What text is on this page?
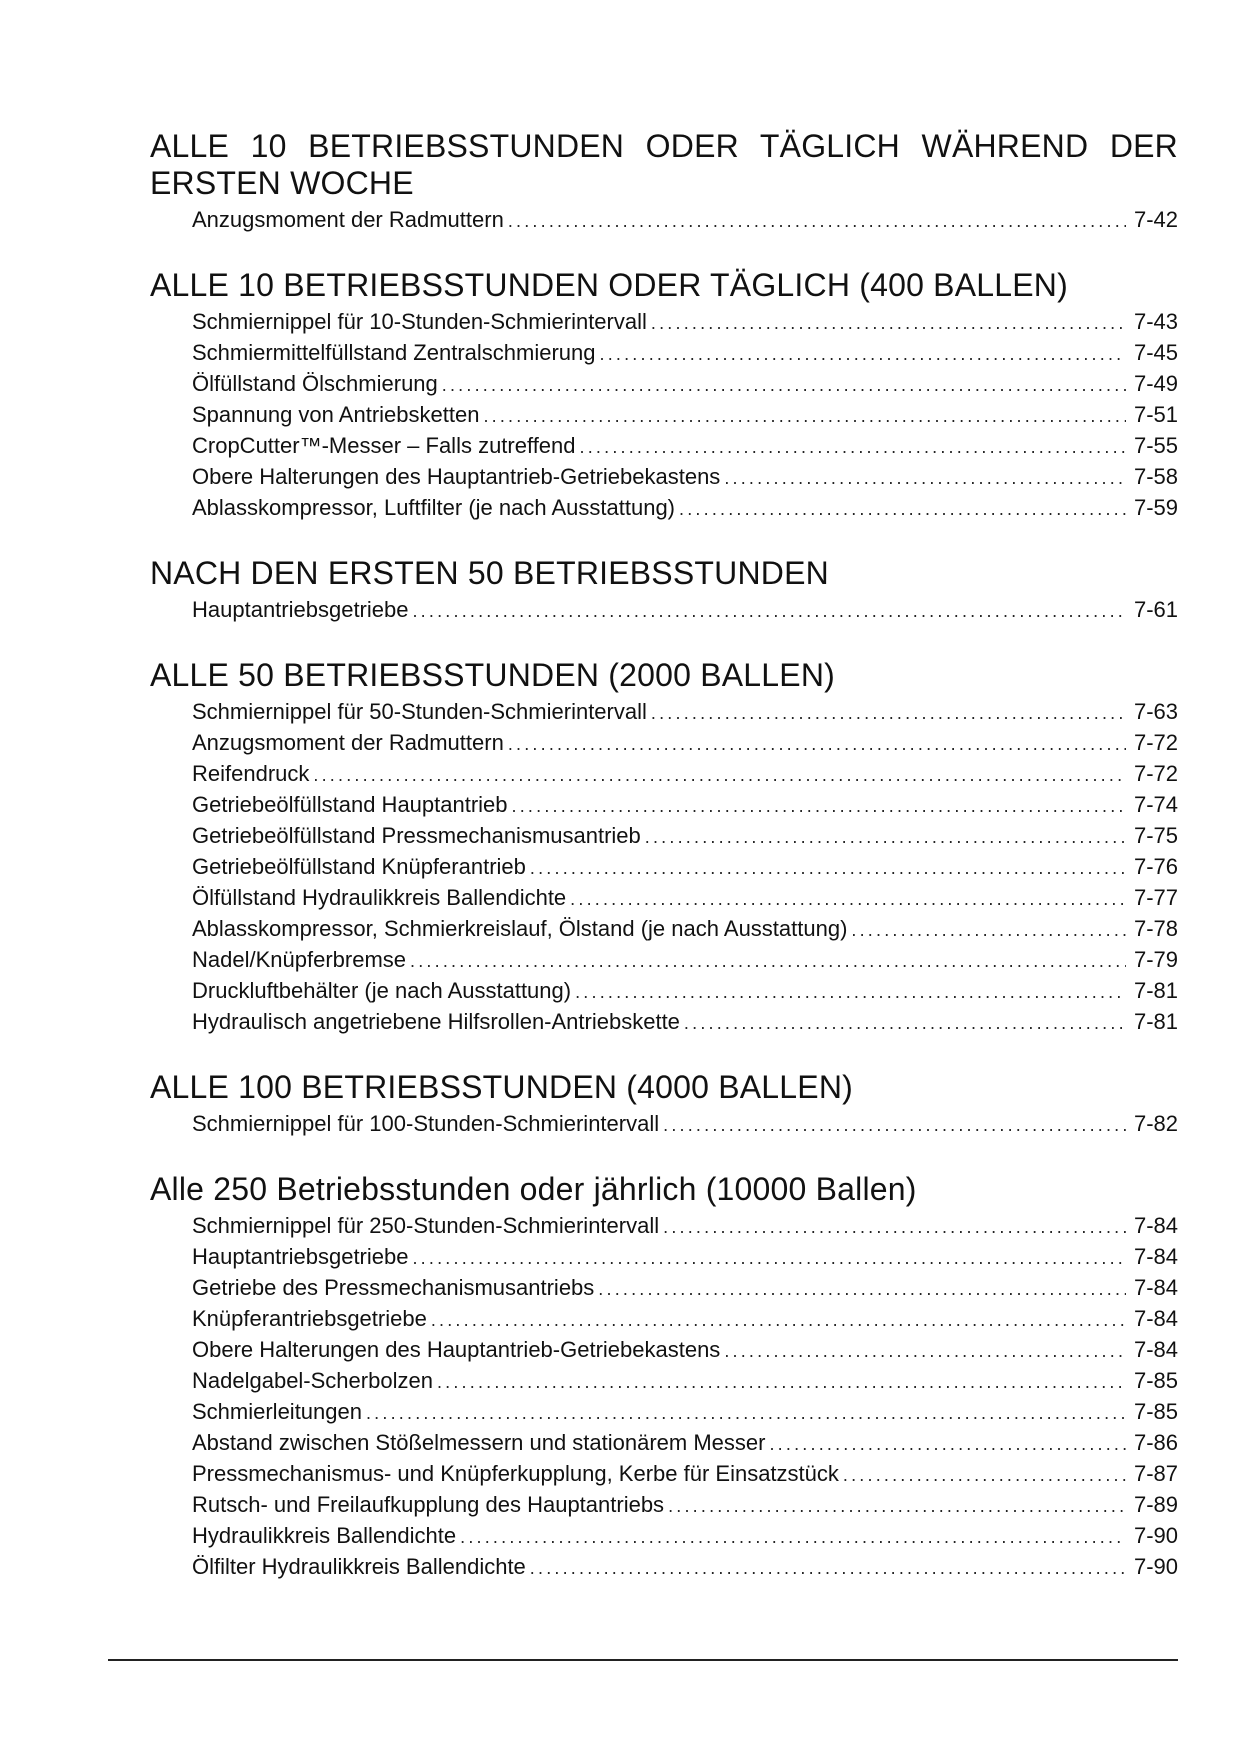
ALLE 10 BETRIEBSSTUNDEN ODER TÄGLICH WÄHREND DER ERSTEN WOCHE
Anzugsmoment der Radmuttern .....	7-42
ALLE 10 BETRIEBSSTUNDEN ODER TÄGLICH (400 BALLEN)
Schmiernippel für 10-Stunden-Schmierintervall .....	7-43
Schmiermittelfüllstand Zentralschmierung .....	7-45
Ölfüllstand Ölschmierung .....	7-49
Spannung von Antriebsketten .....	7-51
CropCutter™-Messer – Falls zutreffend .....	7-55
Obere Halterungen des Hauptantrieb-Getriebekastens .....	7-58
Ablasskompressor, Luftfilter (je nach Ausstattung) .....	7-59
NACH DEN ERSTEN 50 BETRIEBSSTUNDEN
Hauptantriebsgetriebe .....	7-61
ALLE 50 BETRIEBSSTUNDEN (2000 BALLEN)
Schmiernippel für 50-Stunden-Schmierintervall .....	7-63
Anzugsmoment der Radmuttern .....	7-72
Reifendruck .....	7-72
Getriebeölfüllstand Hauptantrieb .....	7-74
Getriebeölfüllstand Pressmechanismusantrieb .....	7-75
Getriebeölfüllstand Knüpferantrieb .....	7-76
Ölfüllstand Hydraulikkreis Ballendichte .....	7-77
Ablasskompressor, Schmierkreislauf, Ölstand (je nach Ausstattung) .....	7-78
Nadel/Knüpferbremse .....	7-79
Druckluftbehälter (je nach Ausstattung) .....	7-81
Hydraulisch angetriebene Hilfsrollen-Antriebskette .....	7-81
ALLE 100 BETRIEBSSTUNDEN (4000 BALLEN)
Schmiernippel für 100-Stunden-Schmierintervall .....	7-82
Alle 250 Betriebsstunden oder jährlich (10000 Ballen)
Schmiernippel für 250-Stunden-Schmierintervall .....	7-84
Hauptantriebsgetriebe .....	7-84
Getriebe des Pressmechanismusantriebs .....	7-84
Knüpferantriebsgetriebe .....	7-84
Obere Halterungen des Hauptantrieb-Getriebekastens .....	7-84
Nadelgabel-Scherbolzen .....	7-85
Schmierleitungen .....	7-85
Abstand zwischen Stößelmessern und stationärem Messer .....	7-86
Pressmechanismus- und Knüpferkupplung, Kerbe für Einsatzstück .....	7-87
Rutsch- und Freilaufkupplung des Hauptantriebs .....	7-89
Hydraulikkreis Ballendichte .....	7-90
Ölfilter Hydraulikkreis Ballendichte .....	7-90
